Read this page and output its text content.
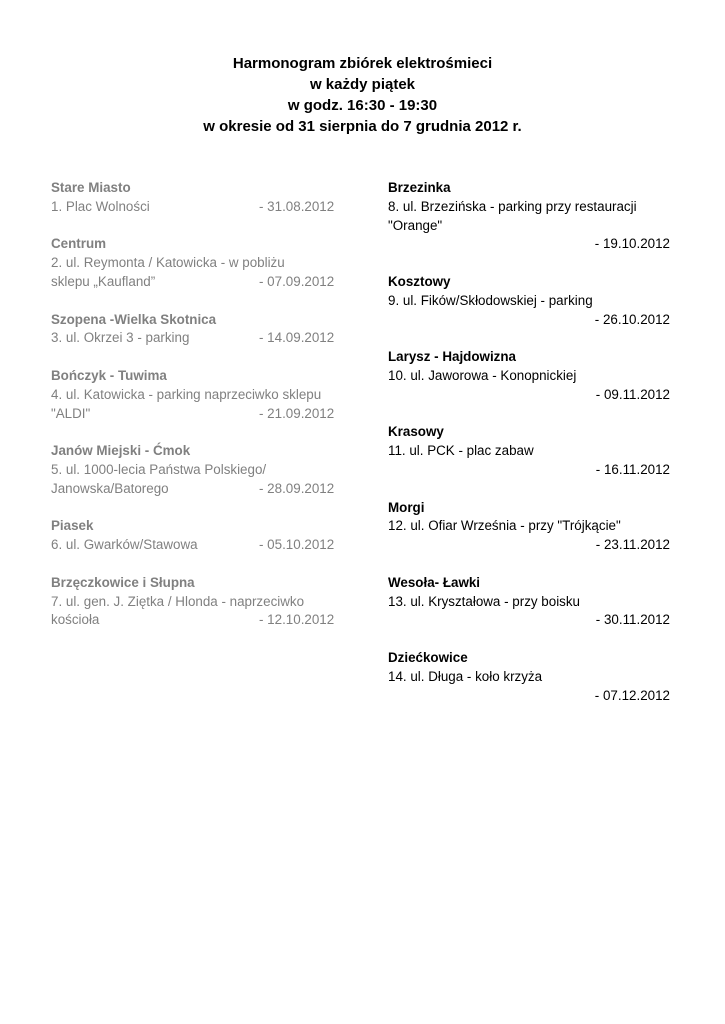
Harmonogram zbiórek elektrośmieci
w każdy piątek
w godz. 16:30 - 19:30
w okresie od 31 sierpnia do 7 grudnia 2012 r.
Stare Miasto
1. Plac Wolności	- 31.08.2012
Centrum
2. ul. Reymonta / Katowicka - w pobliżu
sklepu „Kaufland”	- 07.09.2012
Szopena -Wielka Skotnica
3. ul. Okrzei 3 - parking	- 14.09.2012
Bończyk - Tuwima
4. ul. Katowicka - parking naprzeciwko sklepu
"ALDI"	- 21.09.2012
Janów Miejski - Ćmok
5. ul. 1000-lecia Państwa Polskiego/
Janowska/Batorego	- 28.09.2012
Piasek
6. ul. Gwarków/Stawowa	- 05.10.2012
Brzęczkowice i Słupna
7. ul. gen. J. Ziętka / Hlonda - naprzeciwko
kościoła	- 12.10.2012
Brzezinka
8. ul. Brzezińska - parking przy restauracji
"Orange"
- 19.10.2012
Kosztowy
9. ul. Fików/Skłodowskiej - parking
- 26.10.2012
Larysz - Hajdowizna
10. ul. Jaworowa - Konopnickiej
- 09.11.2012
Krasowy
11. ul. PCK - plac zabaw
- 16.11.2012
Morgi
12. ul. Ofiar Września - przy "Trójkącie"
- 23.11.2012
Wesoła- Ławki
13. ul. Kryształowa - przy boisku
- 30.11.2012
Dziećkowice
14. ul. Długa - koło krzyża
- 07.12.2012
